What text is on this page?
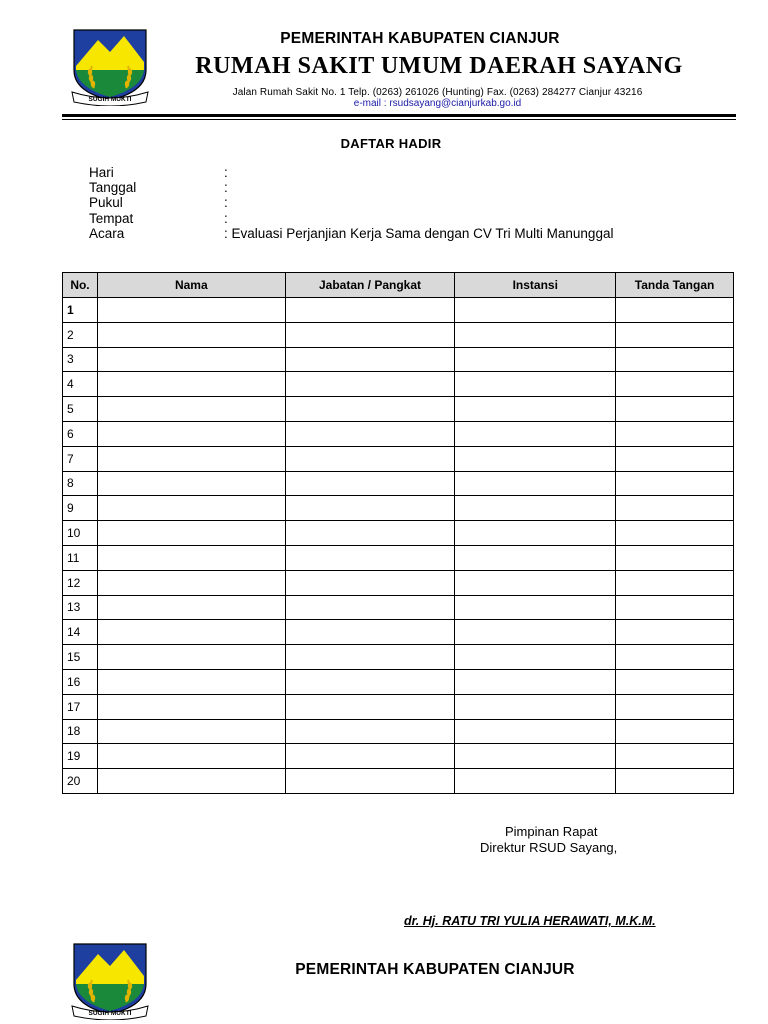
SUGIH MUKTI
PEMERINTAH KABUPATEN CIANJUR
RUMAH SAKIT UMUM DAERAH SAYANG
Jalan Rumah Sakit No. 1 Telp. (0263) 261026 (Hunting) Fax. (0263) 284277 Cianjur 43216
e-mail : rsudsayang@cianjurkab.go.id
DAFTAR HADIR
Hari	:
Tanggal	:
Pukul	:
Tempat	:
Acara	: Evaluasi Perjanjian Kerja Sama dengan CV Tri Multi Manunggal
No.	Nama	Jabatan / Pangkat	Instansi	Tanda Tangan
1				
2				
3				
4				
5				
6				
7				
8				
9				
10				
11				
12				
13				
14				
15				
16				
17				
18				
19				
20				
Pimpinan Rapat
Direktur RSUD Sayang,
dr. Hj. RATU TRI YULIA HERAWATI, M.K.M.
SUGIH MUKTI
PEMERINTAH KABUPATEN CIANJUR
